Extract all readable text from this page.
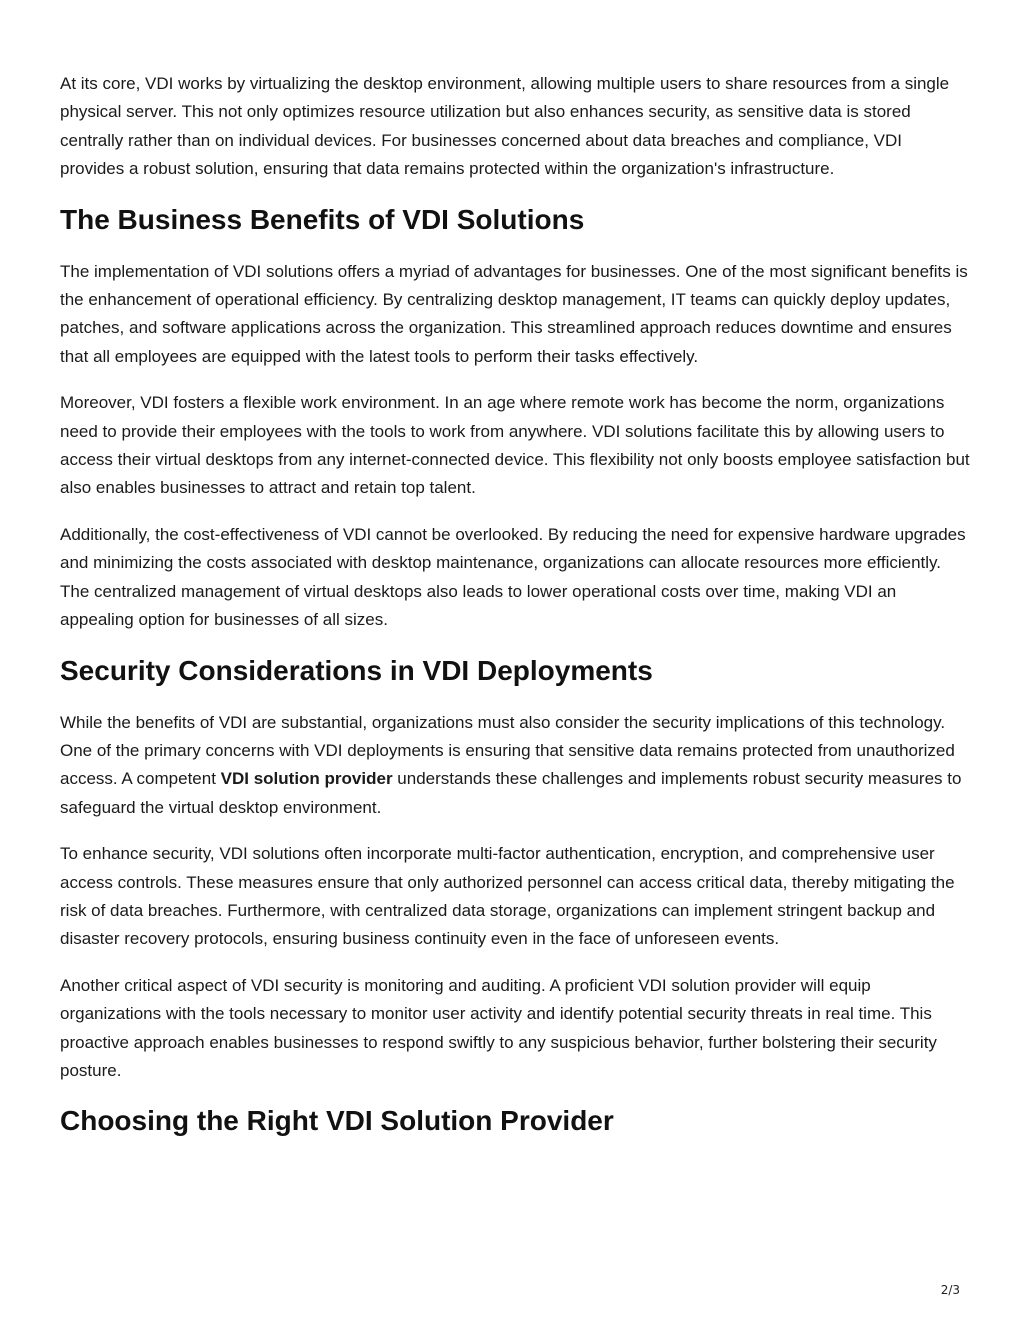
At its core, VDI works by virtualizing the desktop environment, allowing multiple users to share resources from a single physical server. This not only optimizes resource utilization but also enhances security, as sensitive data is stored centrally rather than on individual devices. For businesses concerned about data breaches and compliance, VDI provides a robust solution, ensuring that data remains protected within the organization's infrastructure.

The Business Benefits of VDI Solutions

The implementation of VDI solutions offers a myriad of advantages for businesses. One of the most significant benefits is the enhancement of operational efficiency. By centralizing desktop management, IT teams can quickly deploy updates, patches, and software applications across the organization. This streamlined approach reduces downtime and ensures that all employees are equipped with the latest tools to perform their tasks effectively.

Moreover, VDI fosters a flexible work environment. In an age where remote work has become the norm, organizations need to provide their employees with the tools to work from anywhere. VDI solutions facilitate this by allowing users to access their virtual desktops from any internet-connected device. This flexibility not only boosts employee satisfaction but also enables businesses to attract and retain top talent.

Additionally, the cost-effectiveness of VDI cannot be overlooked. By reducing the need for expensive hardware upgrades and minimizing the costs associated with desktop maintenance, organizations can allocate resources more efficiently. The centralized management of virtual desktops also leads to lower operational costs over time, making VDI an appealing option for businesses of all sizes.

Security Considerations in VDI Deployments

While the benefits of VDI are substantial, organizations must also consider the security implications of this technology. One of the primary concerns with VDI deployments is ensuring that sensitive data remains protected from unauthorized access. A competent VDI solution provider understands these challenges and implements robust security measures to safeguard the virtual desktop environment.

To enhance security, VDI solutions often incorporate multi-factor authentication, encryption, and comprehensive user access controls. These measures ensure that only authorized personnel can access critical data, thereby mitigating the risk of data breaches. Furthermore, with centralized data storage, organizations can implement stringent backup and disaster recovery protocols, ensuring business continuity even in the face of unforeseen events.

Another critical aspect of VDI security is monitoring and auditing. A proficient VDI solution provider will equip organizations with the tools necessary to monitor user activity and identify potential security threats in real time. This proactive approach enables businesses to respond swiftly to any suspicious behavior, further bolstering their security posture.

Choosing the Right VDI Solution Provider
2/3
